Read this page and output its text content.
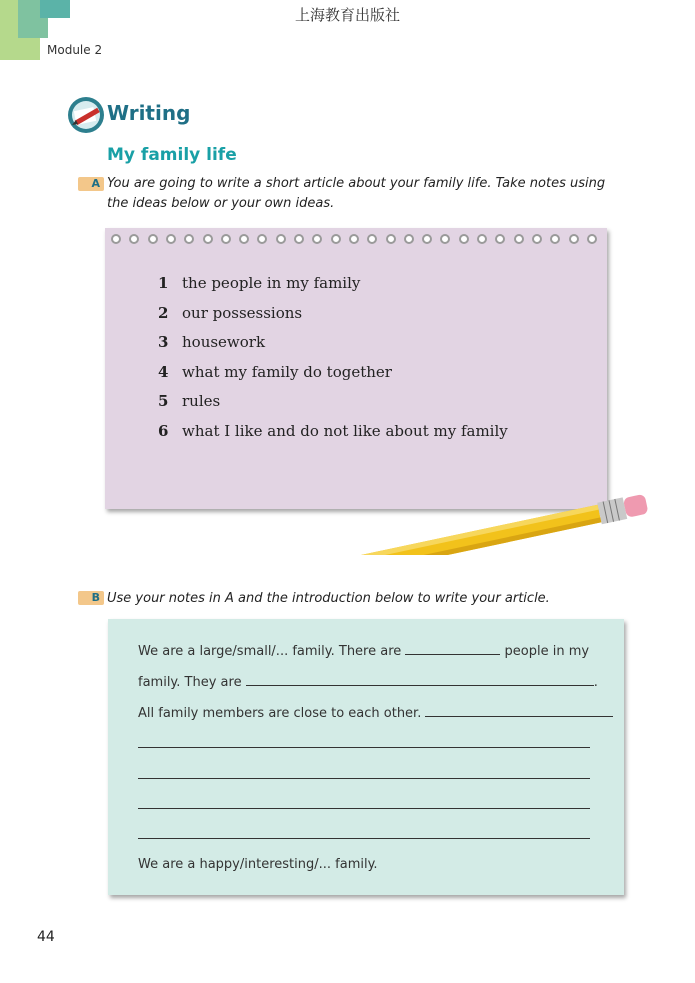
上海教育出版社
Module 2
Writing
My family life
A You are going to write a short article about your family life. Take notes using the ideas below or your own ideas.
1 the people in my family
2 our possessions
3 housework
4 what my family do together
5 rules
6 what I like and do not like about my family
B Use your notes in A and the introduction below to write your article.
We are a large/small/... family. There are	people in my
family. They are	.
All family members are close to each other.
We are a happy/interesting/... family.
44
